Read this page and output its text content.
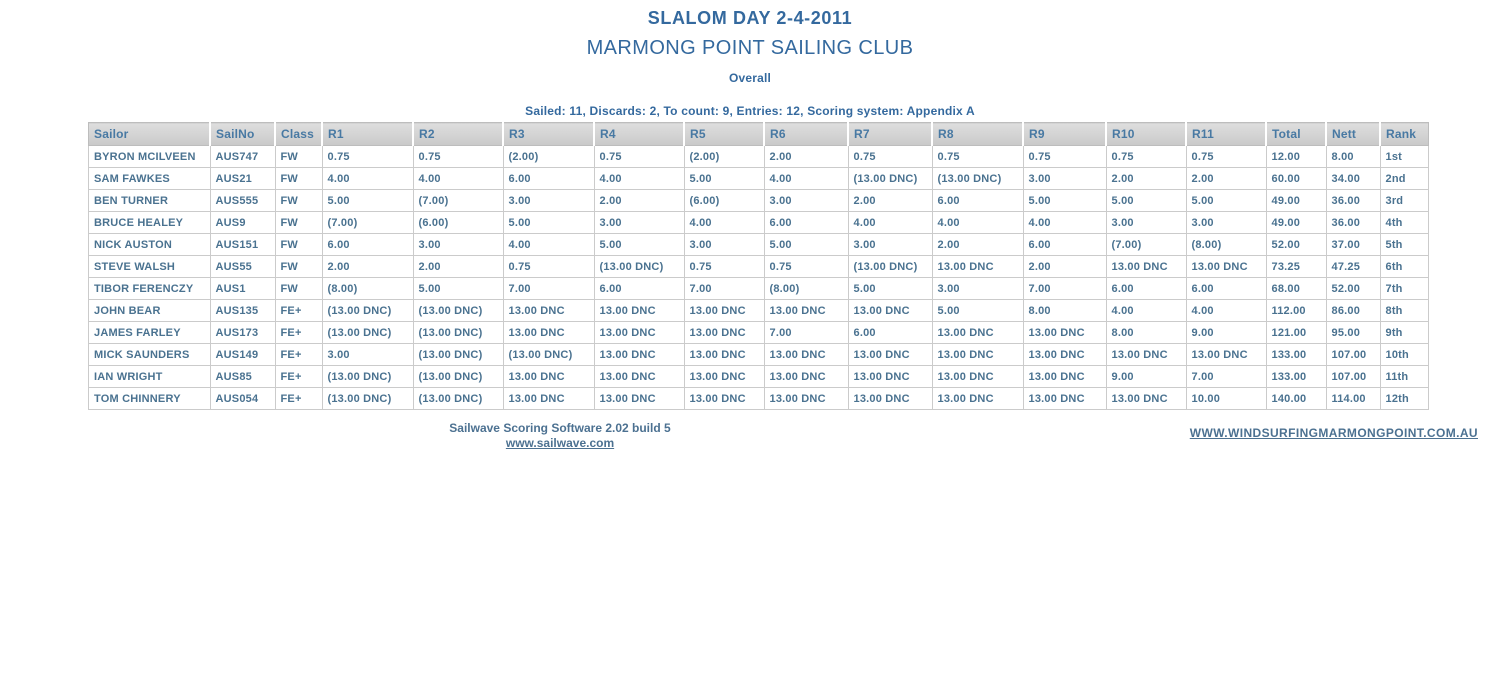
SLALOM DAY 2-4-2011
MARMONG POINT SAILING CLUB
Overall
Sailed: 11, Discards: 2, To count: 9, Entries: 12, Scoring system: Appendix A
Sailor	SailNo	Class	R1	R2	R3	R4	R5	R6	R7	R8	R9	R10	R11	Total	Nett	Rank
BYRON MCILVEEN	AUS747	FW	0.75	0.75	(2.00)	0.75	(2.00)	2.00	0.75	0.75	0.75	0.75	0.75	12.00	8.00	1st
SAM FAWKES	AUS21	FW	4.00	4.00	6.00	4.00	5.00	4.00	(13.00 DNC)	(13.00 DNC)	3.00	2.00	2.00	60.00	34.00	2nd
BEN TURNER	AUS555	FW	5.00	(7.00)	3.00	2.00	(6.00)	3.00	2.00	6.00	5.00	5.00	5.00	49.00	36.00	3rd
BRUCE HEALEY	AUS9	FW	(7.00)	(6.00)	5.00	3.00	4.00	6.00	4.00	4.00	4.00	3.00	3.00	49.00	36.00	4th
NICK AUSTON	AUS151	FW	6.00	3.00	4.00	5.00	3.00	5.00	3.00	2.00	6.00	(7.00)	(8.00)	52.00	37.00	5th
STEVE WALSH	AUS55	FW	2.00	2.00	0.75	(13.00 DNC)	0.75	0.75	(13.00 DNC)	13.00 DNC	2.00	13.00 DNC	13.00 DNC	73.25	47.25	6th
TIBOR FERENCZY	AUS1	FW	(8.00)	5.00	7.00	6.00	7.00	(8.00)	5.00	3.00	7.00	6.00	6.00	68.00	52.00	7th
JOHN BEAR	AUS135	FE+	(13.00 DNC)	(13.00 DNC)	13.00 DNC	13.00 DNC	13.00 DNC	13.00 DNC	13.00 DNC	5.00	8.00	4.00	4.00	112.00	86.00	8th
JAMES FARLEY	AUS173	FE+	(13.00 DNC)	(13.00 DNC)	13.00 DNC	13.00 DNC	13.00 DNC	7.00	6.00	13.00 DNC	13.00 DNC	8.00	9.00	121.00	95.00	9th
MICK SAUNDERS	AUS149	FE+	3.00	(13.00 DNC)	(13.00 DNC)	13.00 DNC	13.00 DNC	13.00 DNC	13.00 DNC	13.00 DNC	13.00 DNC	13.00 DNC	13.00 DNC	133.00	107.00	10th
IAN WRIGHT	AUS85	FE+	(13.00 DNC)	(13.00 DNC)	13.00 DNC	13.00 DNC	13.00 DNC	13.00 DNC	13.00 DNC	13.00 DNC	13.00 DNC	9.00	7.00	133.00	107.00	11th
TOM CHINNERY	AUS054	FE+	(13.00 DNC)	(13.00 DNC)	13.00 DNC	13.00 DNC	13.00 DNC	13.00 DNC	13.00 DNC	13.00 DNC	13.00 DNC	13.00 DNC	10.00	140.00	114.00	12th
Sailwave Scoring Software 2.02 build 5
www.sailwave.com
WWW.WINDSURFINGMARMONGPOINT.COM.AU
